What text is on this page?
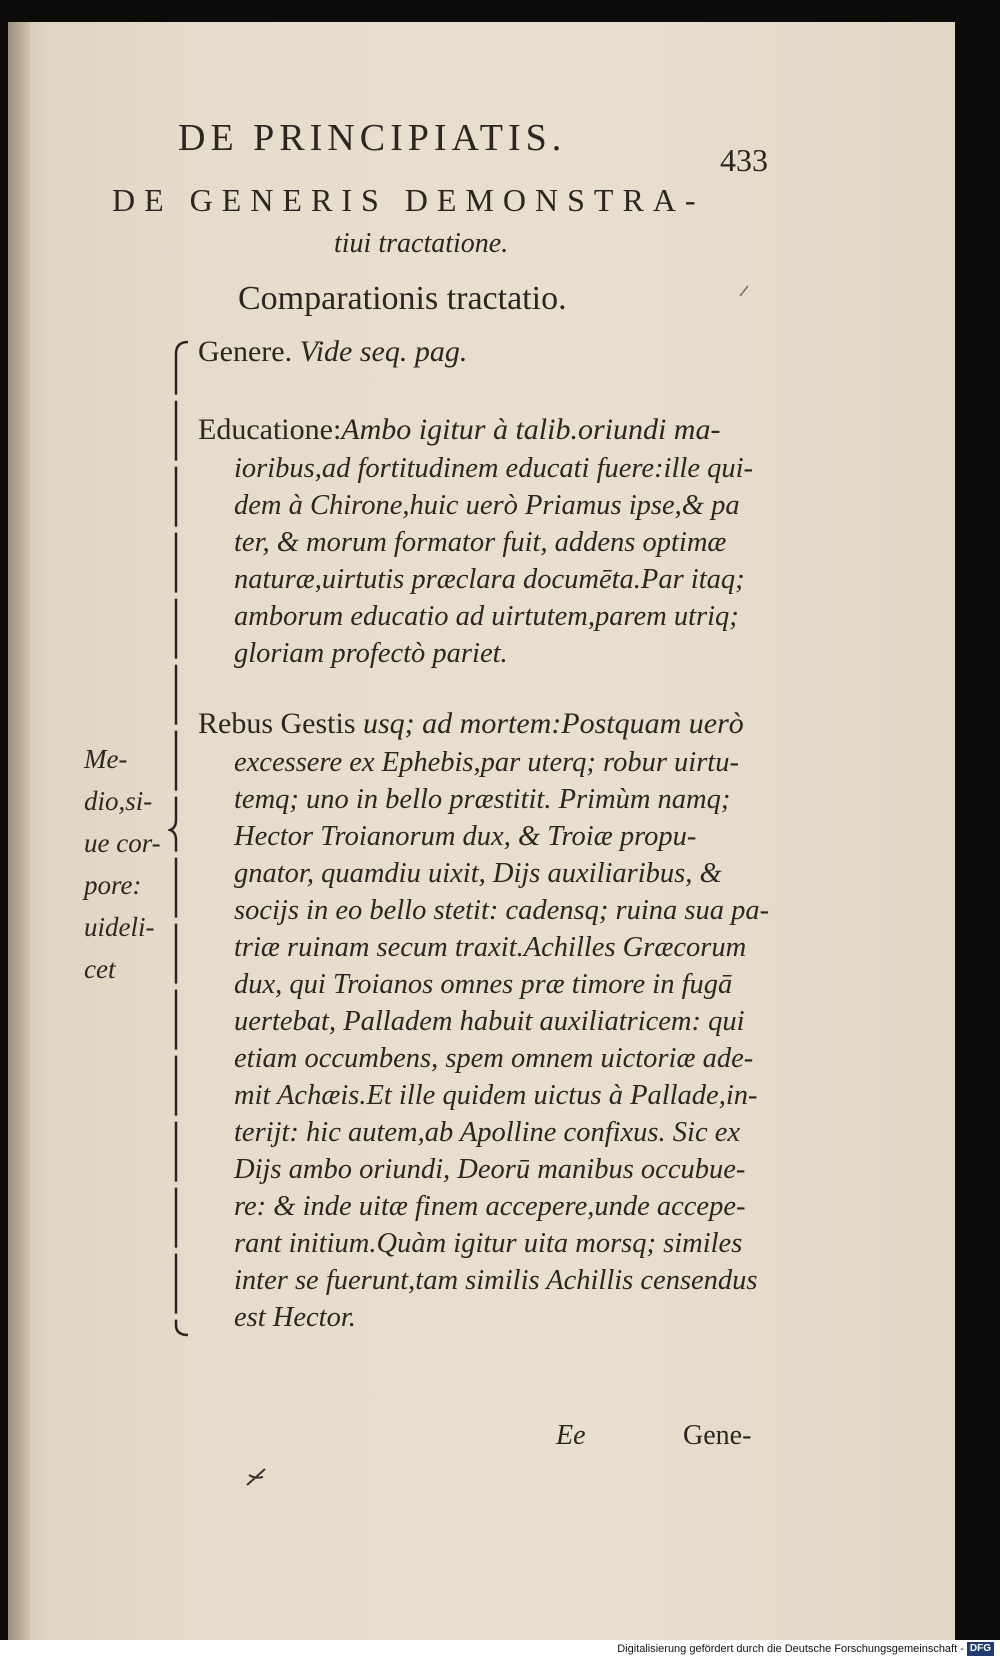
DE PRINCIPIATIS.
433
DE GENERIS DEMONSTRA-
tiui tractatione.
Comparationis tractatio.
Genere. Vide seq. pag.
Educatione:Ambo igitur à talib.oriundi ma-
ioribus,ad fortitudinem educati fuere:ille qui-
dem à Chirone,huic uerò Priamus ipse,& pa
ter, & morum formator fuit, addens optimæ
naturæ,uirtutis præclara documēta.Par itaq;
amborum educatio ad uirtutem,parem utriq;
gloriam profectò pariet.
Rebus Gestis usq; ad mortem:Postquam uerò
excessere ex Ephebis,par uterq; robur uirtu-
temq; uno in bello præstitit. Primùm namq;
Hector Troianorum dux, & Troiæ propu-
gnator, quamdiu uixit, Dijs auxiliaribus, &
socijs in eo bello stetit: cadensq; ruina sua pa-
triæ ruinam secum traxit.Achilles Græcorum
dux, qui Troianos omnes præ timore in fugā
uertebat, Palladem habuit auxiliatricem: qui
etiam occumbens, spem omnem uictoriæ ade-
mit Achæis.Et ille quidem uictus à Pallade,in-
terijt: hic autem,ab Apolline confixus. Sic ex
Dijs ambo oriundi, Deorū manibus occubue-
re: & inde uitæ finem accepere,unde accepe-
rant initium.Quàm igitur uita morsq; similes
inter se fuerunt,tam similis Achillis censendus
est Hector.
Me-
dio,si-
ue cor-
pore:
uideli-
cet
Ee	Gene-
Digitalisierung gefördert durch die Deutsche Forschungsgemeinschaft - DFG
